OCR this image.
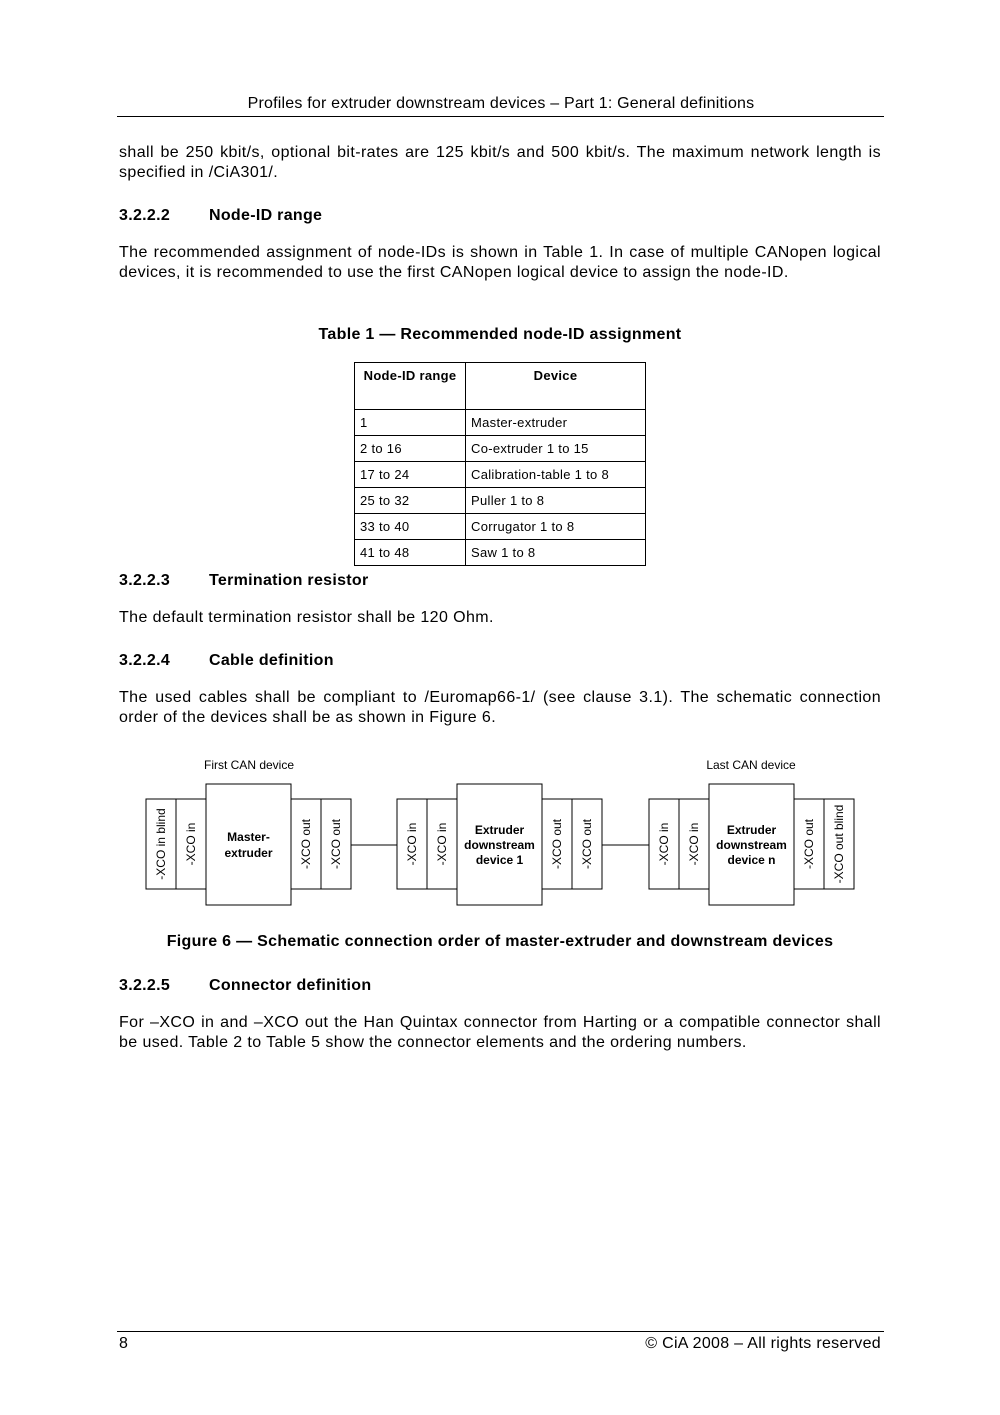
Profiles for extruder downstream devices – Part 1: General definitions
shall be 250 kbit/s, optional bit-rates are 125 kbit/s and 500 kbit/s. The maximum network length is specified in /CiA301/.
3.2.2.2 Node-ID range
The recommended assignment of node-IDs is shown in Table 1. In case of multiple CANopen logical devices, it is recommended to use the first CANopen logical device to assign the node-ID.
Table 1 — Recommended node-ID assignment
Node-ID range	Device
1	Master-extruder
2 to 16	Co-extruder 1 to 15
17 to 24	Calibration-table 1 to 8
25 to 32	Puller 1 to 8
33 to 40	Corrugator 1 to 8
41 to 48	Saw 1 to 8
3.2.2.3 Termination resistor
The default termination resistor shall be 120 Ohm.
3.2.2.4 Cable definition
The used cables shall be compliant to /Euromap66-1/ (see clause 3.1). The schematic connection order of the devices shall be as shown in Figure 6.
First CAN device	Last CAN device
-XCO in blind -XCO in	-XCO out -XCO out
Master-
extruder	-XCO in -XCO in	-XCO out -XCO out
Extruder
downstream
device 1	-XCO in -XCO in	-XCO out -XCO out blind
Extruder
downstream
device n
Figure 6 — Schematic connection order of master-extruder and downstream devices
3.2.2.5 Connector definition
For –XCO in and –XCO out the Han Quintax connector from Harting or a compatible connector shall be used. Table 2 to Table 5 show the connector elements and the ordering numbers.
8	© CiA 2008 – All rights reserved
